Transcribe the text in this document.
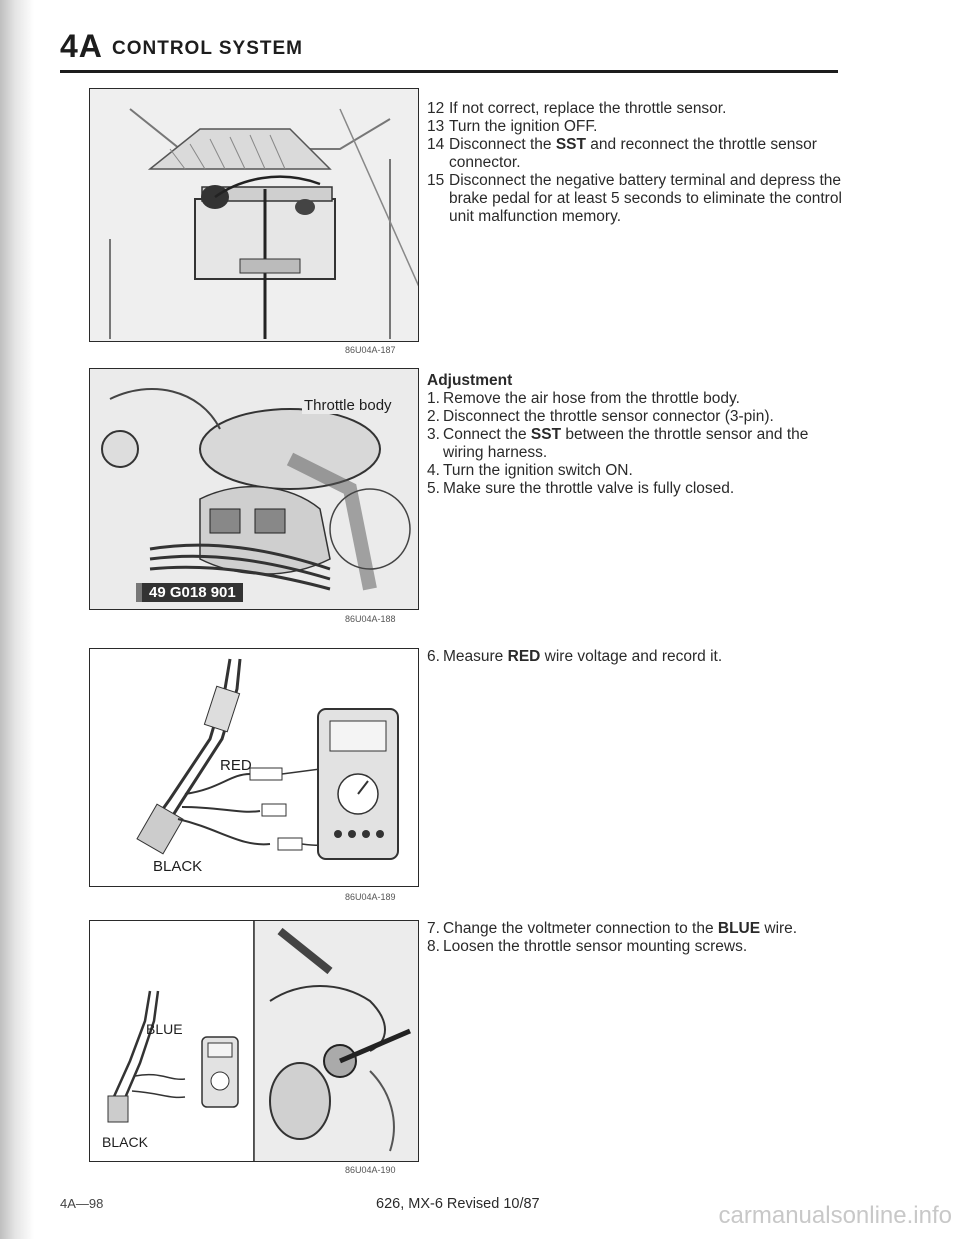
4A CONTROL SYSTEM
86U04A-187
Throttle body
49 G018 901
86U04A-188
RED
BLACK
86U04A-189
BLUE
BLACK
86U04A-190
12 If not correct, replace the throttle sensor.
13 Turn the ignition OFF.
14 Disconnect the SST and reconnect the throttle sensor connector.
15 Disconnect the negative battery terminal and depress the brake pedal for at least 5 seconds to eliminate the control unit malfunction memory.

Adjustment

1. Remove the air hose from the throttle body.
2. Disconnect the throttle sensor connector (3-pin).
3. Connect the SST between the throttle sensor and the wiring harness.
4. Turn the ignition switch ON.
5. Make sure the throttle valve is fully closed.
6. Measure RED wire voltage and record it.
7. Change the voltmeter connection to the BLUE wire.
8. Loosen the throttle sensor mounting screws.
4A—98	626, MX-6 Revised 10/87	carmanualsonline.info
